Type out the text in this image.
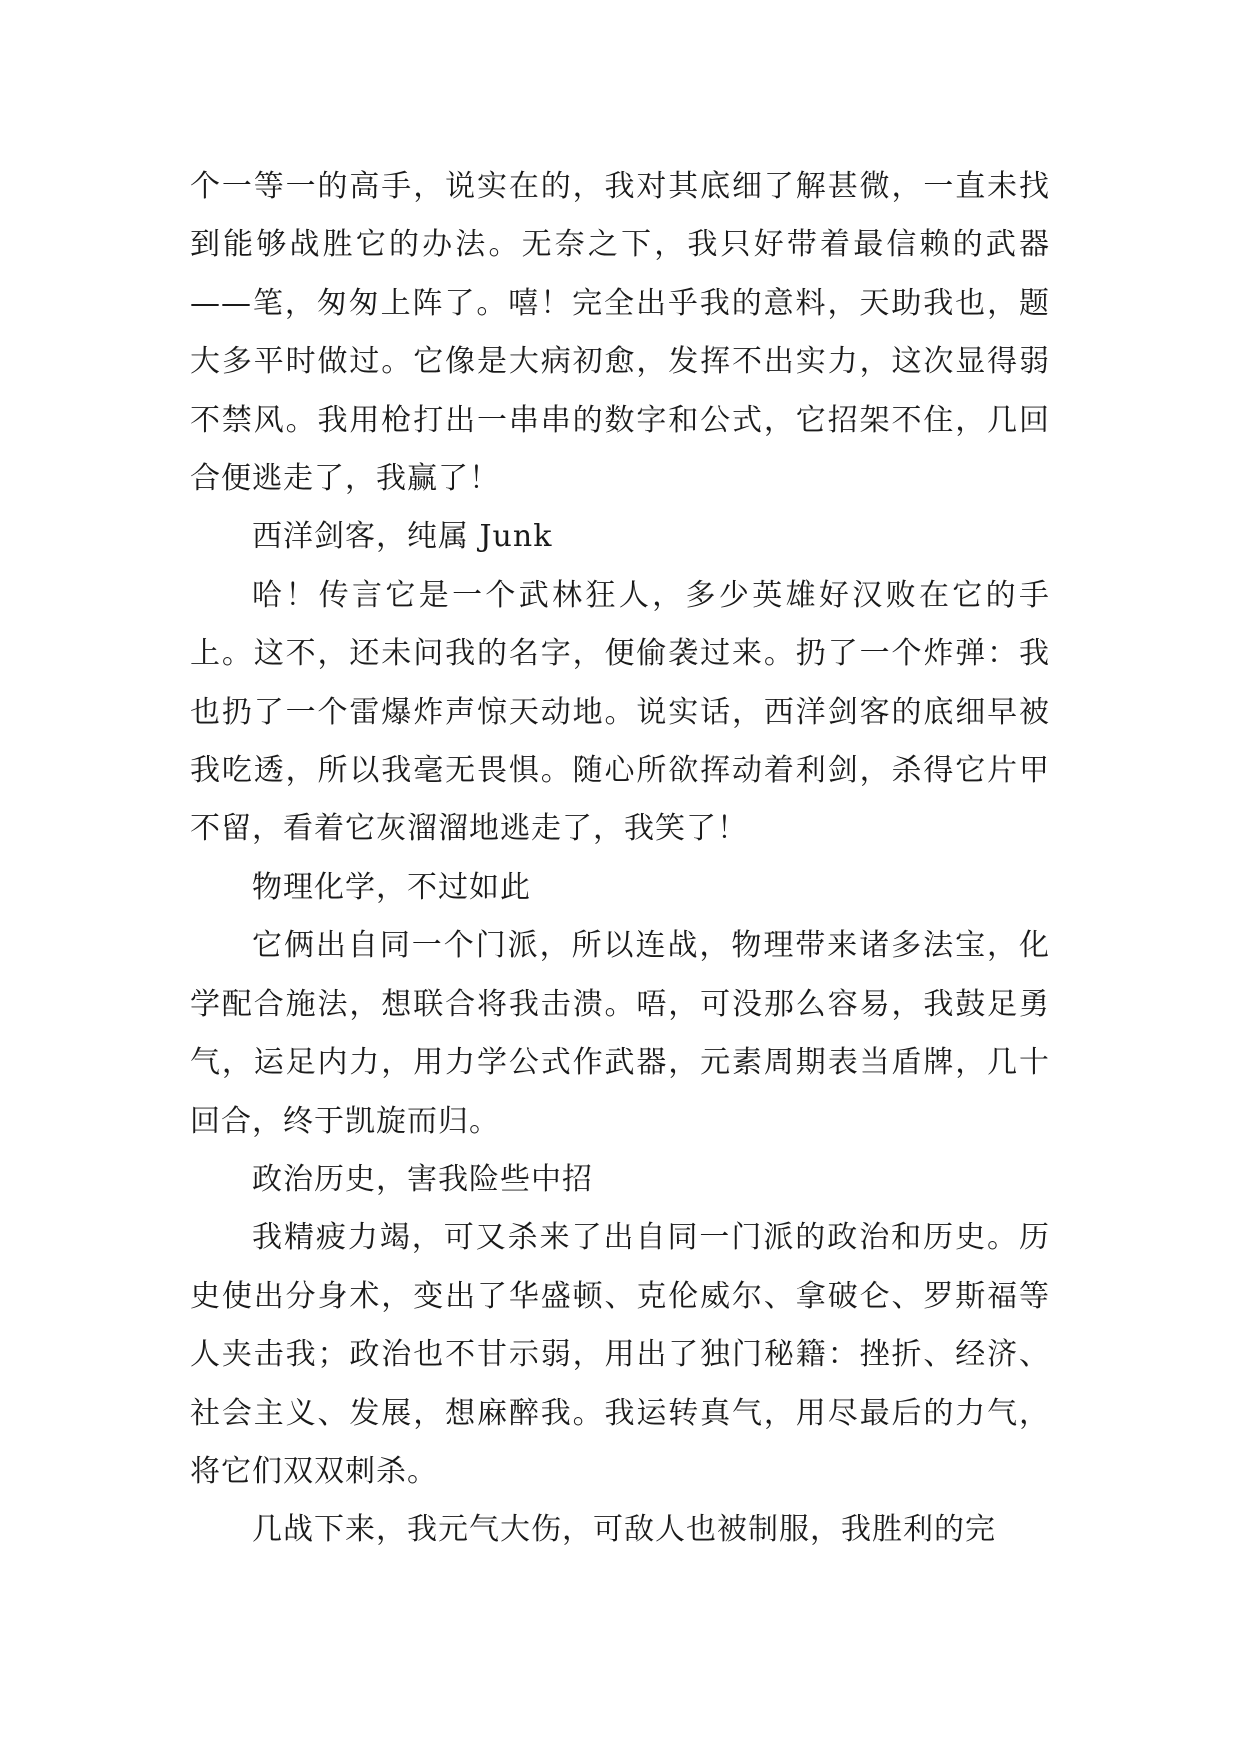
个一等一的高手，说实在的，我对其底细了解甚微，一直未找到能够战胜它的办法。无奈之下，我只好带着最信赖的武器——笔，匆匆上阵了。嘻！完全出乎我的意料，天助我也，题大多平时做过。它像是大病初愈，发挥不出实力，这次显得弱不禁风。我用枪打出一串串的数字和公式，它招架不住，几回合便逃走了，我赢了！

西洋剑客，纯属 Junk

哈！传言它是一个武林狂人，多少英雄好汉败在它的手上。这不，还未问我的名字，便偷袭过来。扔了一个炸弹：我也扔了一个雷爆炸声惊天动地。说实话，西洋剑客的底细早被我吃透，所以我毫无畏惧。随心所欲挥动着利剑，杀得它片甲不留，看着它灰溜溜地逃走了，我笑了！

物理化学，不过如此

它俩出自同一个门派，所以连战，物理带来诸多法宝，化学配合施法，想联合将我击溃。唔，可没那么容易，我鼓足勇气，运足内力，用力学公式作武器，元素周期表当盾牌，几十回合，终于凯旋而归。

政治历史，害我险些中招

我精疲力竭，可又杀来了出自同一门派的政治和历史。历史使出分身术，变出了华盛顿、克伦威尔、拿破仑、罗斯福等人夹击我；政治也不甘示弱，用出了独门秘籍：挫折、经济、社会主义、发展，想麻醉我。我运转真气，用尽最后的力气，将它们双双刺杀。

几战下来，我元气大伤，可敌人也被制服，我胜利的完
